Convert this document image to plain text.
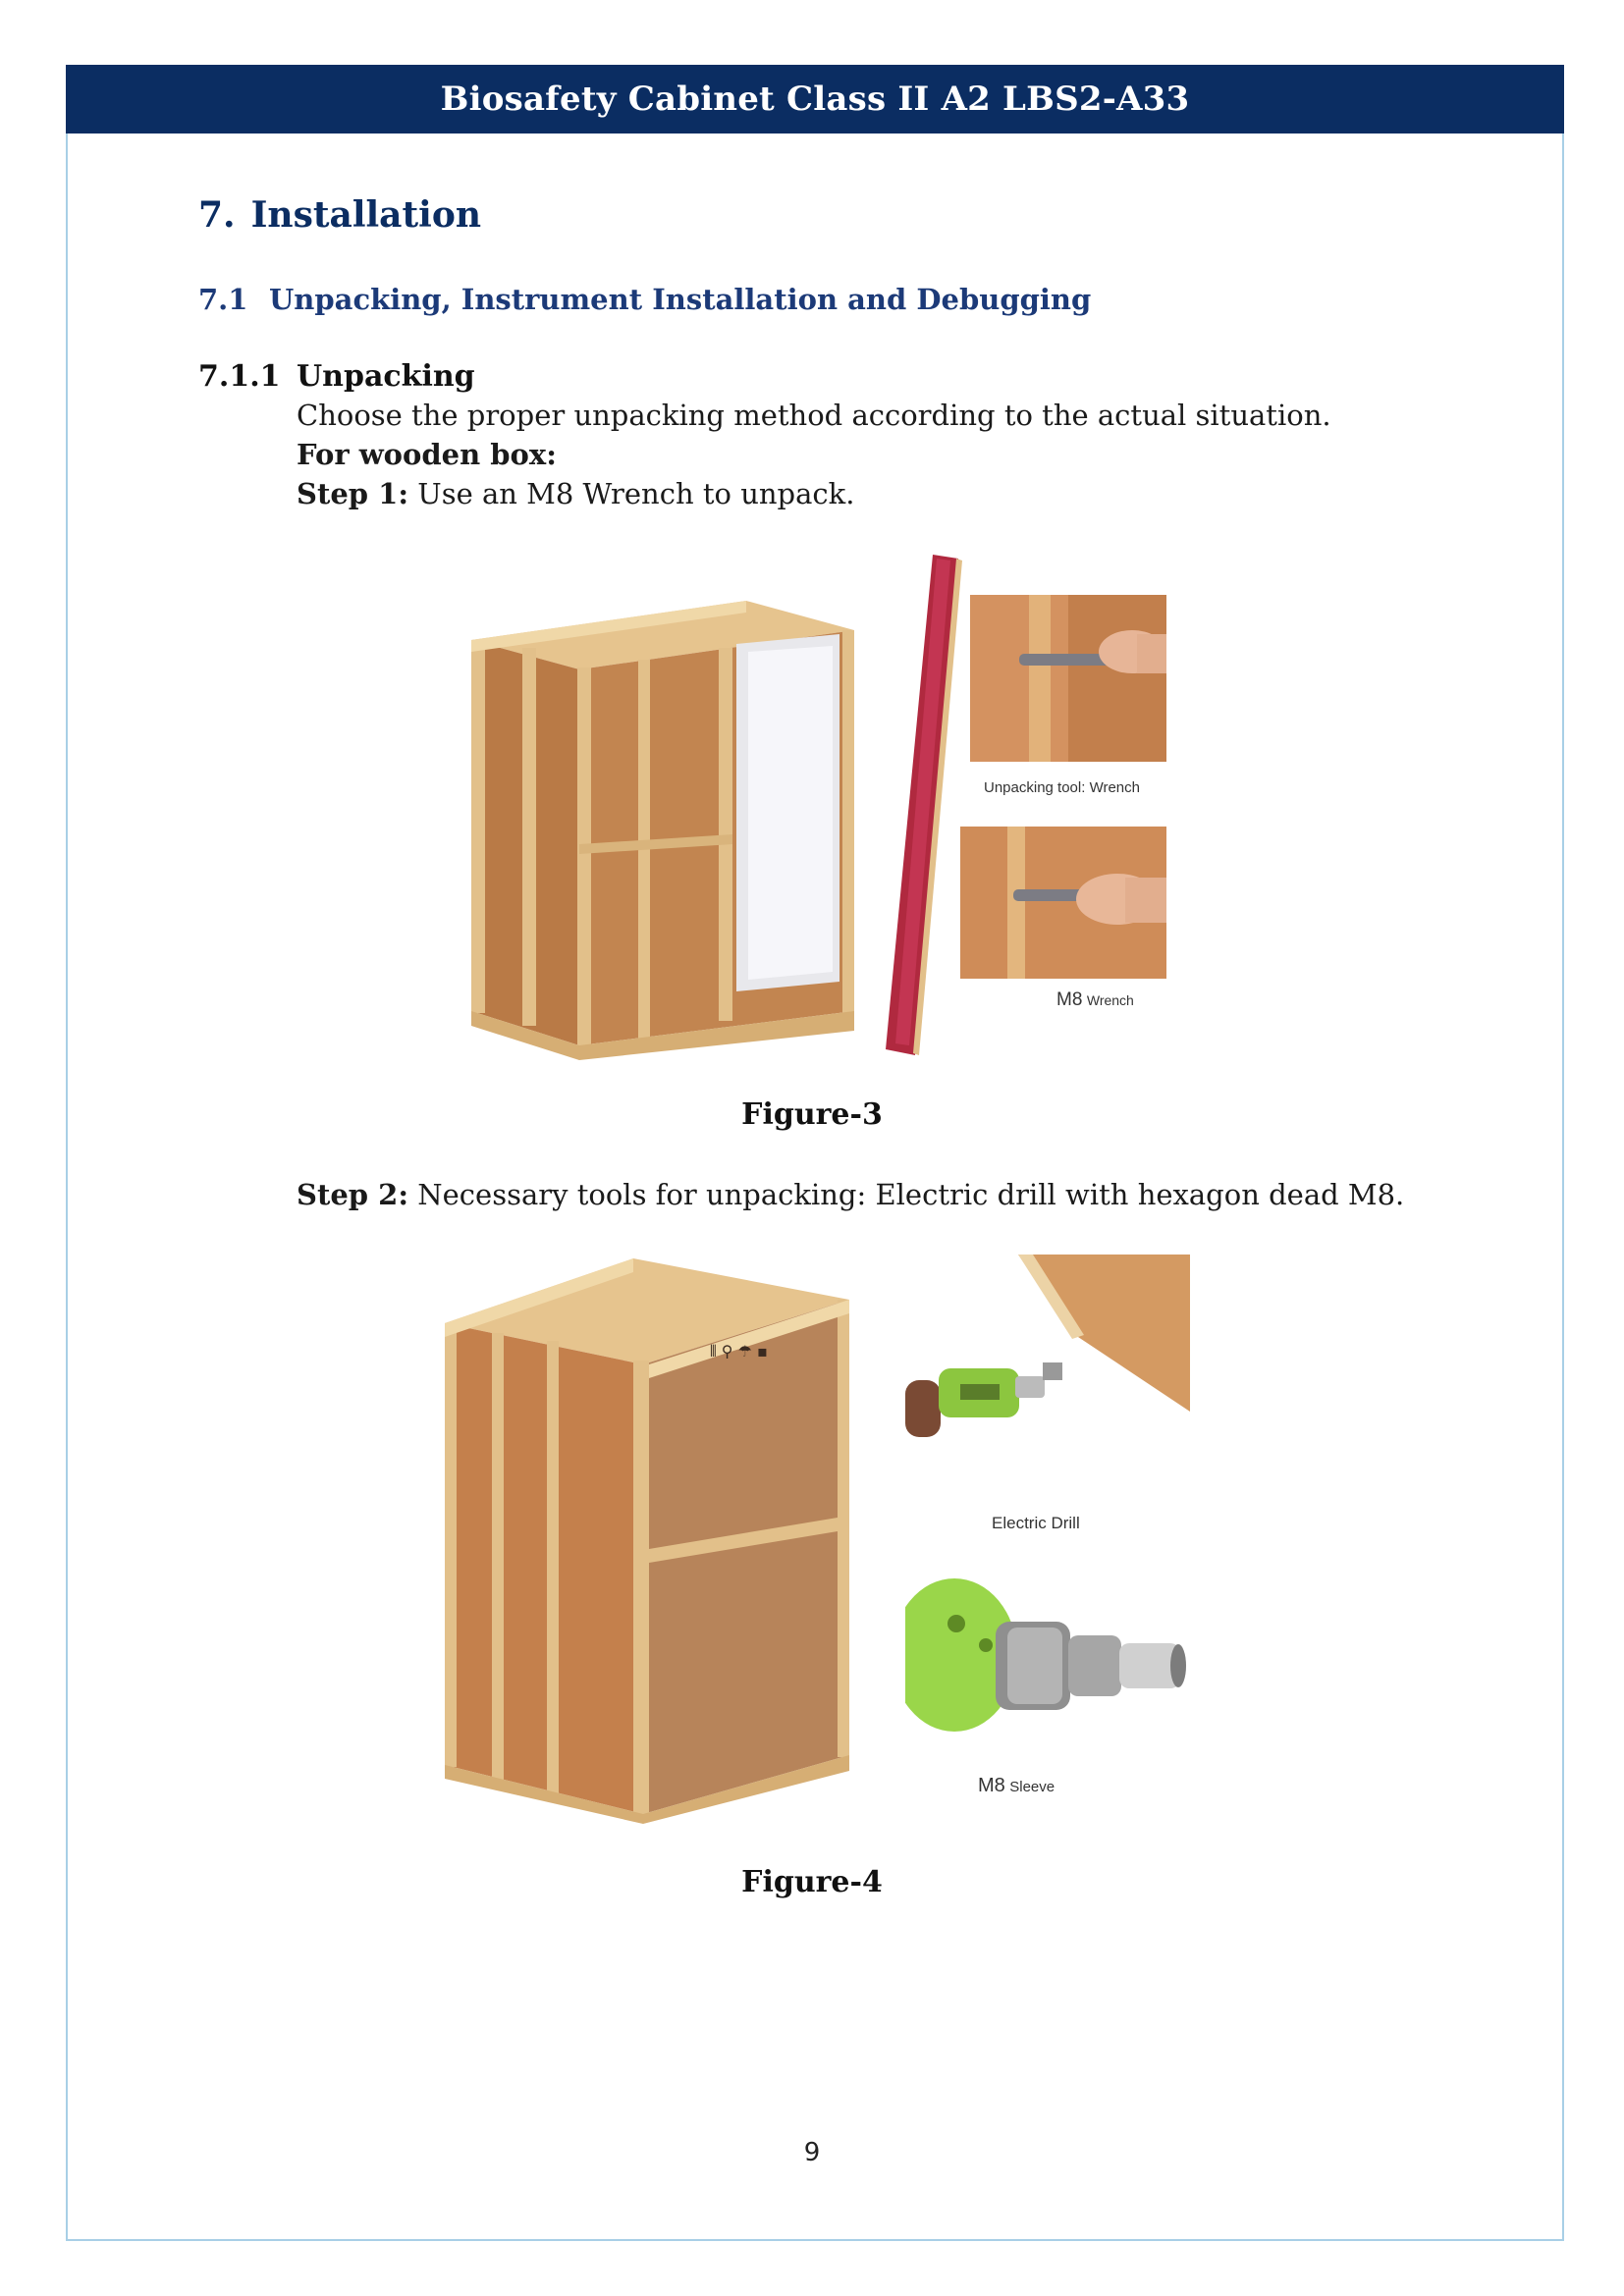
Biosafety Cabinet Class II A2 LBS2-A33
7. Installation
7.1 Unpacking, Instrument Installation and Debugging
7.1.1 Unpacking
Choose the proper unpacking method according to the actual situation.
For wooden box:
Step 1: Use an M8 Wrench to unpack.
Unpacking tool: Wrench
M8 Wrench
Figure-3
Step 2: Necessary tools for unpacking: Electric drill with hexagon dead M8.
⫴ ⚲ ☂ ▪
Electric Drill
M8 Sleeve
Figure-4
9
